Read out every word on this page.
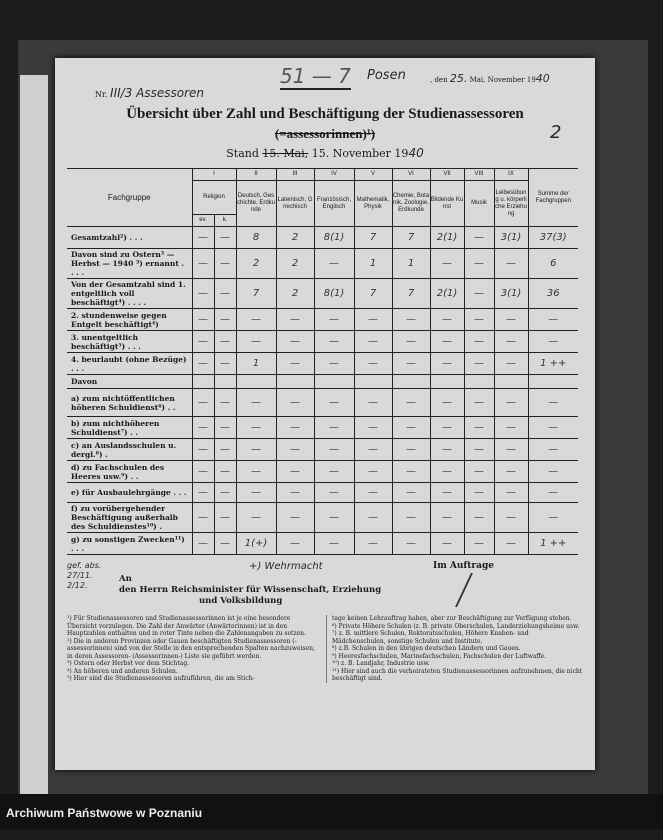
Nr. III/3 Assessoren
51 — 7 Posen	, den 25. Mai, November 1940
Übersicht über Zahl und Beschäftigung der Studienassessoren
(=assessorinnen)¹)	2
Stand 15. Mai, 15. November 1940
Fachgruppe	I		II	III	IV	V	VI	VII	VIII	IX	Summe der Fachgruppen
	Religion		Deutsch, Geschichte, Erdkunde	Lateinisch, Griechisch	Französisch, Englisch	Mathematik, Physik	Chemie, Botanik, Zoologie, Erdkunde	Bildende Kunst	Musik	Leibesübung u. körperliche Erziehung	
	ev.	k.									
Gesamtzahl²) . . .	—	—	8	2	8(1)	7	7	2(1)	—	3(1)	37(3)
Davon sind zu Ostern³ — Herbst — 1940 ³) ernannt . . . .	—	—	2	2	—	1	1	—	—	—	6
Von der Gesamtzahl sind 1. entgeltlich voll beschäftigt⁴) . . . .	—	—	7	2	8(1)	7	7	2(1)	—	3(1)	36
2. stundenweise gegen Entgelt beschäftigt⁴)	—	—	—	—	—	—	—	—	—	—	—
3. unentgeltlich beschäftigt⁵) . . .	—	—	—	—	—	—	—	—	—	—	—
4. beurlaubt (ohne Bezüge) . . .	—	—	1	—	—	—	—	—	—	—	1 ++
Davon											
a) zum nichtöffentlichen höheren Schuldienst⁶) . .	—	—	—	—	—	—	—	—	—	—	—
b) zum nichthöheren Schuldienst⁷) . .	—	—	—	—	—	—	—	—	—	—	—
c) an Auslandsschulen u. dergl.⁸) .	—	—	—	—	—	—	—	—	—	—	—
d) zu Fachschulen des Heeres usw.⁹) . .	—	—	—	—	—	—	—	—	—	—	—
e) für Ausbaulehrgänge . . .	—	—	—	—	—	—	—	—	—	—	—
f) zu vorübergehender Beschäftigung außerhalb des Schuldienstes¹⁰) .	—	—	—	—	—	—	—	—	—	—	—
g) zu sonstigen Zwecken¹¹) . . .	—	—	1(+)	—	—	—	—	—	—	—	1 ++
gef. abs. 27/11. 2/12.
+) Wehrmacht
An
den Herrn Reichsminister für Wissenschaft, Erziehung
und Volksbildung
Im Auftrage

¹) Für Studienassessoren und Studienassessorinnen ist je eine besondere Übersicht vorzulegen. Die Zahl der Anwärter (Anwärterinnen) ist in den Hauptzahlen enthalten und in roter Tinte neben die Zahlenangaben zu setzen.

²) Die in anderen Provinzen oder Gauen beschäftigten Studienassessoren (-assessorinnen) sind von der Stelle in den entsprechenden Spalten nachzuweisen, in deren Assessoren- (Assessorinnen-) Liste sie geführt werden.

³) Ostern oder Herbst vor dem Stichtag.

⁴) An höheren und anderen Schulen.

⁵) Hier sind die Studienassessoren aufzuführen, die am Stich-

tage keinen Lehrauftrag haben, aber zur Beschäftigung zur Verfügung stehen.

⁶) Private Höhere Schulen (z. B. private Oberschulen, Landerziehungsheime usw.

⁷) z. B. mittlere Schulen, Rektoratsschulen, Höhere Knaben- und Mädchenschulen, sonstige Schulen und Institute.

⁸) z.B. Schulen in den übrigen deutschen Ländern und Gauen.

⁹) Heeresfachschulen, Marinefachschulen, Fachschulen der Luftwaffe.

¹⁰) z. B. Landjahr, Industrie usw.

¹¹) Hier sind auch die verheirateten Studienassessorinnen aufzunehmen, die nicht beschäftigt sind.

Archiwum Państwowe w Poznaniu
